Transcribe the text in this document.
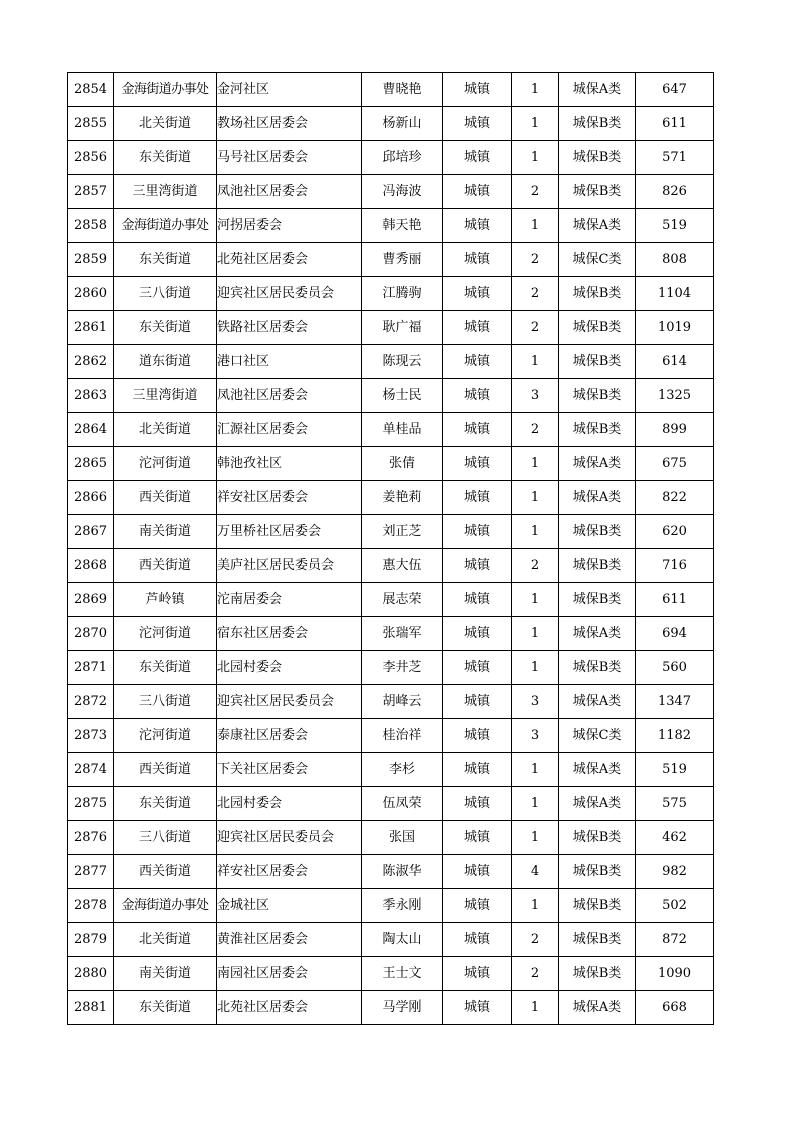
2854	金海街道办事处	金河社区	曹晓艳	城镇	1	城保A类	647
2855	北关街道	教场社区居委会	杨新山	城镇	1	城保B类	611
2856	东关街道	马号社区居委会	邱培珍	城镇	1	城保B类	571
2857	三里湾街道	凤池社区居委会	冯海波	城镇	2	城保B类	826
2858	金海街道办事处	河拐居委会	韩天艳	城镇	1	城保A类	519
2859	东关街道	北苑社区居委会	曹秀丽	城镇	2	城保C类	808
2860	三八街道	迎宾社区居民委员会	江腾驹	城镇	2	城保B类	1104
2861	东关街道	铁路社区居委会	耿广福	城镇	2	城保B类	1019
2862	道东街道	港口社区	陈现云	城镇	1	城保B类	614
2863	三里湾街道	凤池社区居委会	杨士民	城镇	3	城保B类	1325
2864	北关街道	汇源社区居委会	单桂品	城镇	2	城保B类	899
2865	沱河街道	韩池孜社区	张倩	城镇	1	城保A类	675
2866	西关街道	祥安社区居委会	姜艳莉	城镇	1	城保A类	822
2867	南关街道	万里桥社区居委会	刘正芝	城镇	1	城保B类	620
2868	西关街道	美庐社区居民委员会	惠大伍	城镇	2	城保B类	716
2869	芦岭镇	沱南居委会	展志荣	城镇	1	城保B类	611
2870	沱河街道	宿东社区居委会	张瑞军	城镇	1	城保A类	694
2871	东关街道	北园村委会	李井芝	城镇	1	城保B类	560
2872	三八街道	迎宾社区居民委员会	胡峰云	城镇	3	城保A类	1347
2873	沱河街道	泰康社区居委会	桂治祥	城镇	3	城保C类	1182
2874	西关街道	下关社区居委会	李杉	城镇	1	城保A类	519
2875	东关街道	北园村委会	伍凤荣	城镇	1	城保A类	575
2876	三八街道	迎宾社区居民委员会	张国	城镇	1	城保B类	462
2877	西关街道	祥安社区居委会	陈淑华	城镇	4	城保B类	982
2878	金海街道办事处	金城社区	季永刚	城镇	1	城保B类	502
2879	北关街道	黄淮社区居委会	陶太山	城镇	2	城保B类	872
2880	南关街道	南园社区居委会	王士文	城镇	2	城保B类	1090
2881	东关街道	北苑社区居委会	马学刚	城镇	1	城保A类	668
